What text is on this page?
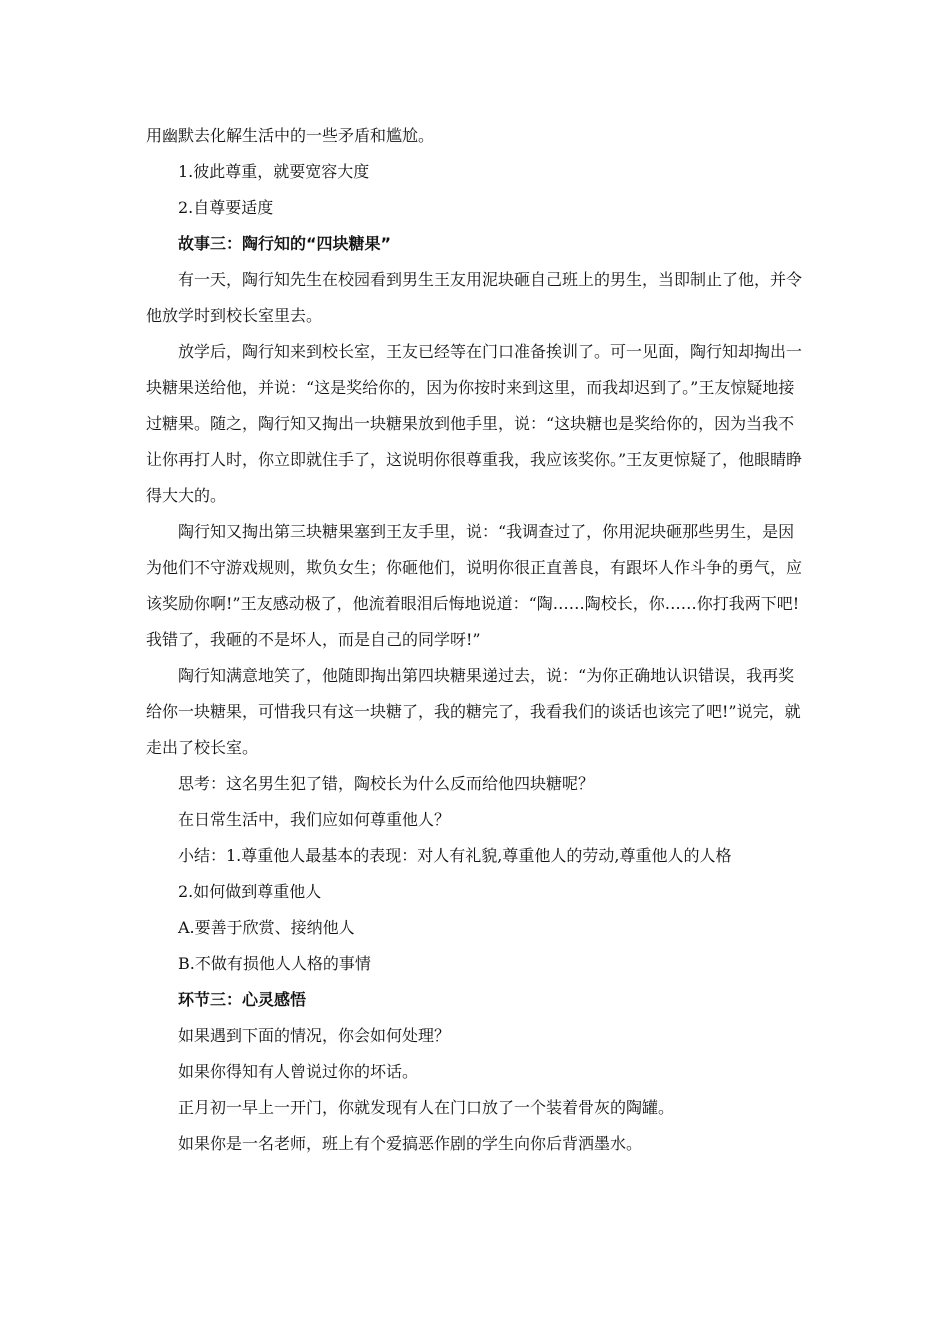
用幽默去化解生活中的一些矛盾和尴尬。

1.彼此尊重，就要宽容大度

2.自尊要适度

故事三：陶行知的“四块糖果”

有一天，陶行知先生在校园看到男生王友用泥块砸自己班上的男生，当即制止了他，并令他放学时到校长室里去。

放学后，陶行知来到校长室，王友已经等在门口准备挨训了。可一见面，陶行知却掏出一块糖果送给他，并说：“这是奖给你的，因为你按时来到这里，而我却迟到了。”王友惊疑地接过糖果。随之，陶行知又掏出一块糖果放到他手里，说：“这块糖也是奖给你的，因为当我不让你再打人时，你立即就住手了，这说明你很尊重我，我应该奖你。”王友更惊疑了，他眼睛睁得大大的。

陶行知又掏出第三块糖果塞到王友手里，说：“我调查过了，你用泥块砸那些男生，是因为他们不守游戏规则，欺负女生；你砸他们，说明你很正直善良，有跟坏人作斗争的勇气，应该奖励你啊!”王友感动极了，他流着眼泪后悔地说道：“陶……陶校长，你……你打我两下吧!我错了，我砸的不是坏人，而是自己的同学呀!”

陶行知满意地笑了，他随即掏出第四块糖果递过去，说：“为你正确地认识错误，我再奖给你一块糖果，可惜我只有这一块糖了，我的糖完了，我看我们的谈话也该完了吧!”说完，就走出了校长室。

思考：这名男生犯了错，陶校长为什么反而给他四块糖呢？

在日常生活中，我们应如何尊重他人？

小结：1.尊重他人最基本的表现：对人有礼貌,尊重他人的劳动,尊重他人的人格

2.如何做到尊重他人

A.要善于欣赏、接纳他人

B.不做有损他人人格的事情

环节三：心灵感悟

如果遇到下面的情况，你会如何处理？

如果你得知有人曾说过你的坏话。

正月初一早上一开门，你就发现有人在门口放了一个装着骨灰的陶罐。

如果你是一名老师，班上有个爱搞恶作剧的学生向你后背洒墨水。
